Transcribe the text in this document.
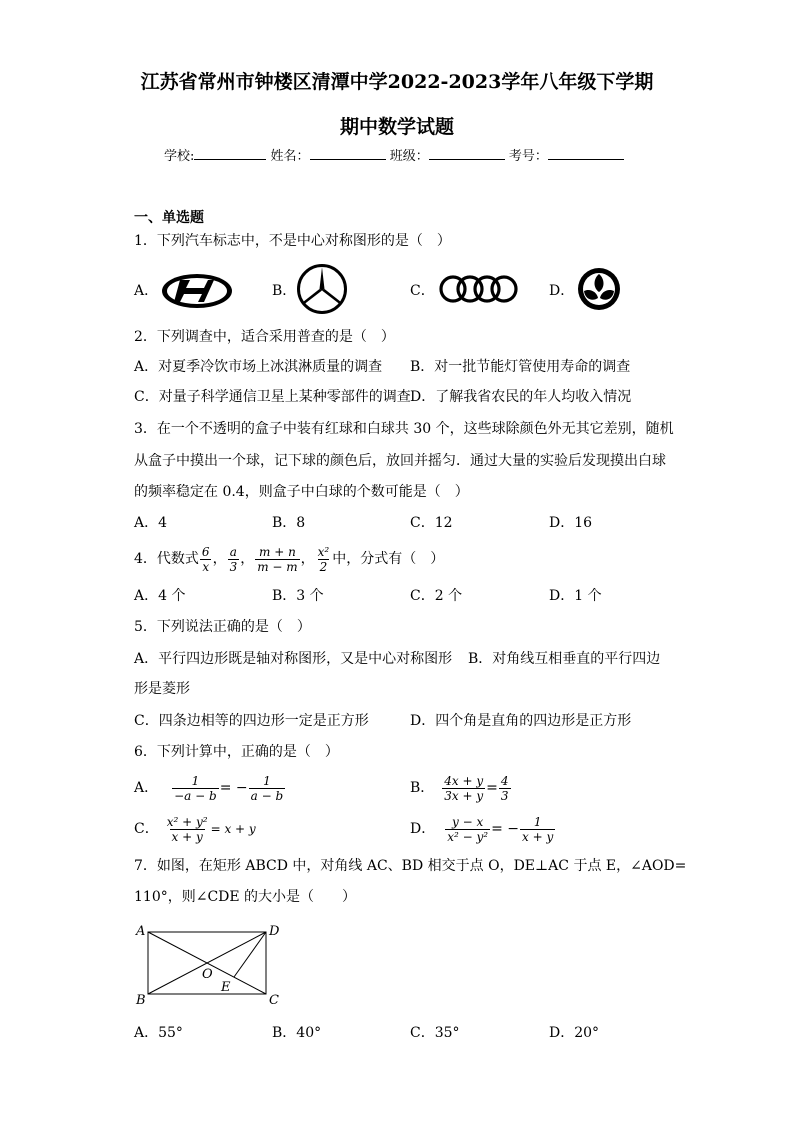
江苏省常州市钟楼区清潭中学2022-2023学年八年级下学期
期中数学试题
学校:	姓名：	班级：	考号：
一、单选题
1．下列汽车标志中，不是中心对称图形的是（　）
A．	B．	C．	D．
2．下列调查中，适合采用普查的是（　）
A．对夏季冷饮市场上冰淇淋质量的调查 B．对一批节能灯管使用寿命的调查
C．对量子科学通信卫星上某种零部件的调查 D．了解我省农民的年人均收入情况
3．在一个不透明的盒子中装有红球和白球共 30 个，这些球除颜色外无其它差别，随机
从盒子中摸出一个球，记下球的颜色后，放回并摇匀．通过大量的实验后发现摸出白球
的频率稳定在 0.4，则盒子中白球的个数可能是（　）
A．4	B．8	C．12	D．16
4．代数式 $\frac{6}{x}$ ， $\frac{a}{3}$ ， $\frac{m + n}{m - m}$ ， $\frac{\text{x²}}{2}$ 中，分式有（　）
A．4 个	B．3 个	C．2 个	D．1 个
5．下列说法正确的是（　）
A．平行四边形既是轴对称图形，又是中心对称图形 B．对角线互相垂直的平行四边
形是菱形
C．四条边相等的四边形一定是正方形	D．四个角是直角的四边形是正方形
6．下列计算中，正确的是（　）
A． $\frac{1}{-a - b}$ = − $\frac{1}{a - b}$	B． $\frac{4x + y}{3x + y} = \frac{4}{3}$
C． $\frac{\text{x² + y²}}{x + y} = x + y$	D． $\frac{y - x}{\text{x² − y²}}$ = − $\frac{1}{x + y}$
7．如图，在矩形 ABCD 中，对角线 AC、BD 相交于点 O，DE⊥AC 于点 E，∠AOD=
110°，则∠CDE 的大小是（　　）
A
B	C
D
O
E
A．55°	B．40°	C．35°	D．20°
